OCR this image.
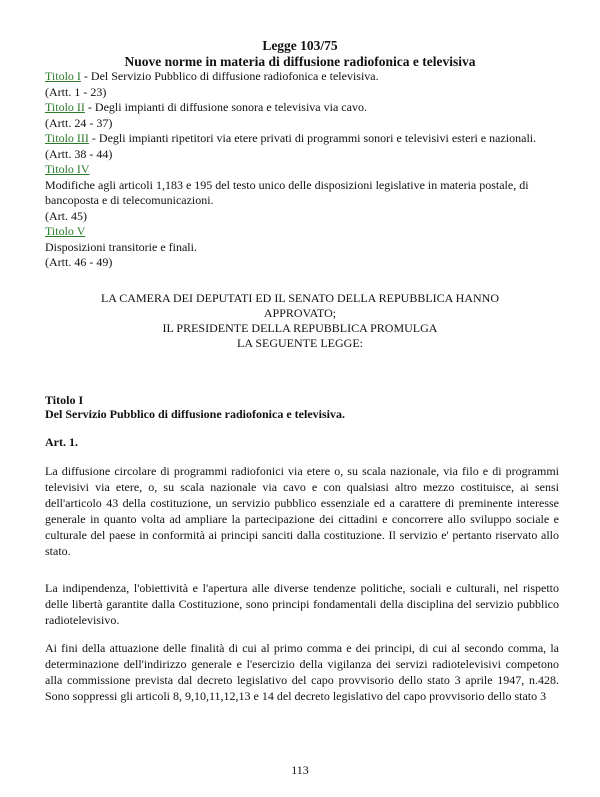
Legge 103/75
Nuove norme in materia di diffusione radiofonica e televisiva
Titolo I - Del Servizio Pubblico di diffusione radiofonica e televisiva.
(Artt. 1 - 23)
Titolo II - Degli impianti di diffusione sonora e televisiva via cavo.
(Artt. 24 - 37)
Titolo III - Degli impianti ripetitori via etere privati di programmi sonori e televisivi esteri e nazionali.
(Artt. 38 - 44)
Titolo IV
Modifiche agli articoli 1,183 e 195 del testo unico delle disposizioni legislative in materia postale, di bancoposta e di telecomunicazioni.
(Art. 45)
Titolo V
Disposizioni transitorie e finali.
(Artt. 46 - 49)
LA CAMERA DEI DEPUTATI ED IL SENATO DELLA REPUBBLICA HANNO
APPROVATO;
IL PRESIDENTE DELLA REPUBBLICA PROMULGA
LA SEGUENTE LEGGE:
Titolo I
Del Servizio Pubblico di diffusione radiofonica e televisiva.
Art. 1.
La diffusione circolare di programmi radiofonici via etere o, su scala nazionale, via filo e di programmi televisivi via etere, o, su scala nazionale via cavo e con qualsiasi altro mezzo costituisce, ai sensi dell'articolo 43 della costituzione, un servizio pubblico essenziale ed a carattere di preminente interesse generale in quanto volta ad ampliare la partecipazione dei cittadini e concorrere allo sviluppo sociale e culturale del paese in conformità ai principi sanciti dalla costituzione. Il servizio e' pertanto riservato allo stato.
La indipendenza, l'obiettività e l'apertura alle diverse tendenze politiche, sociali e culturali, nel rispetto delle libertà garantite dalla Costituzione, sono principi fondamentali della disciplina del servizio pubblico radiotelevisivo.
Ai fini della attuazione delle finalità di cui al primo comma e dei principi, di cui al secondo comma, la determinazione dell'indirizzo generale e l'esercizio della vigilanza dei servizi radiotelevisivi competono alla commissione prevista dal decreto legislativo del capo provvisorio dello stato 3 aprile 1947, n.428. Sono soppressi gli articoli 8, 9,10,11,12,13 e 14 del decreto legislativo del capo provvisorio dello stato 3
113
